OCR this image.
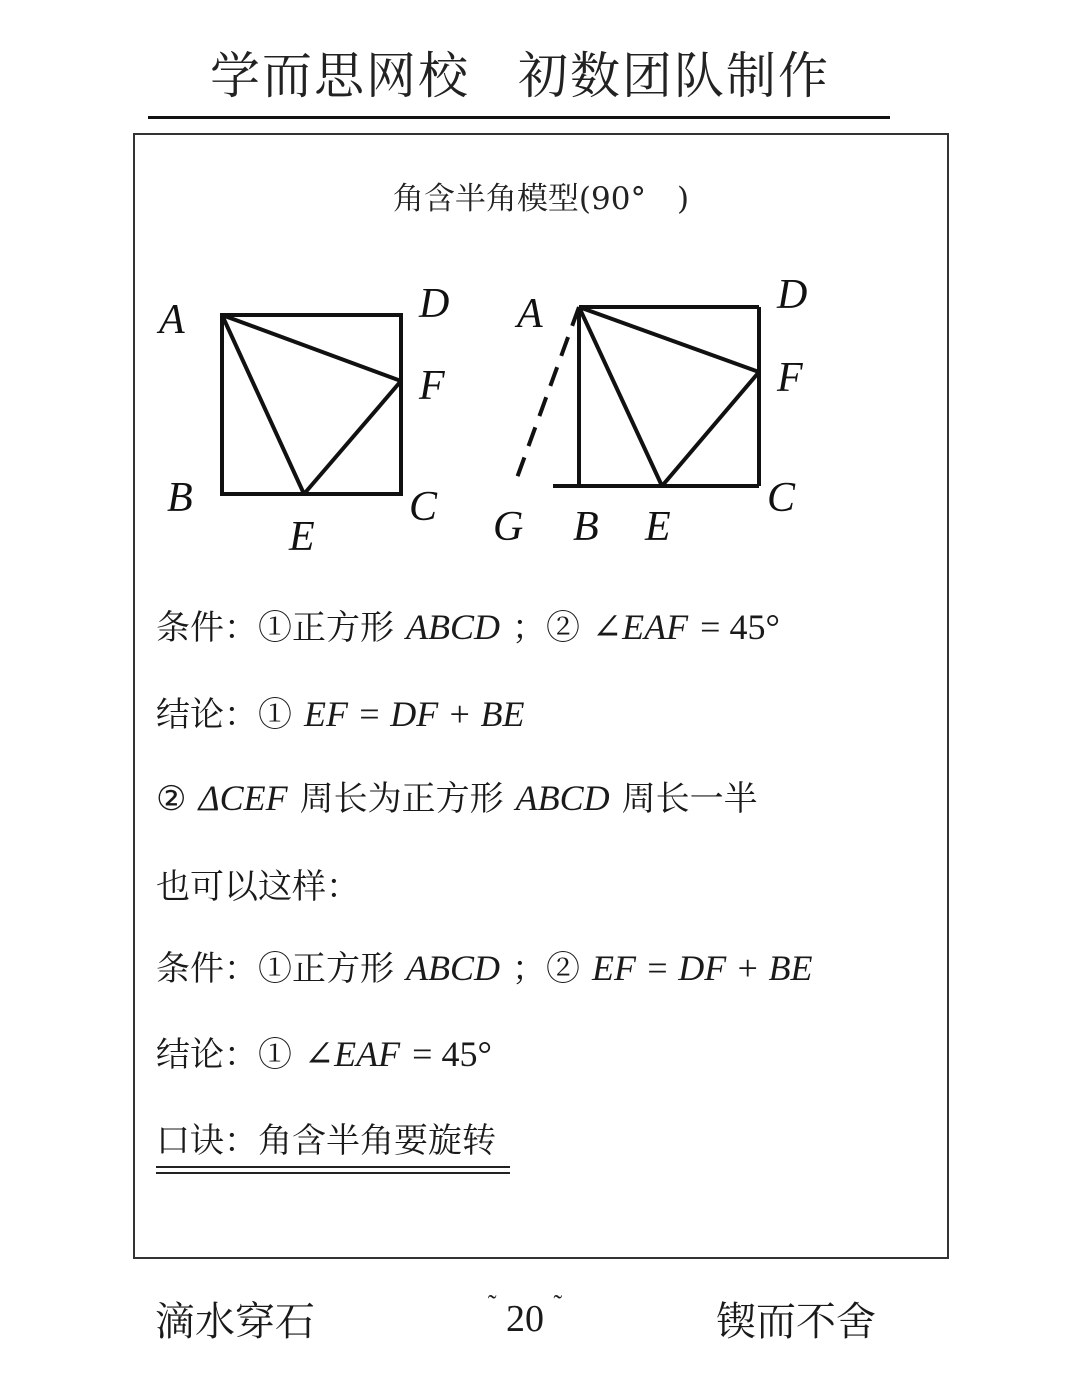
学而思网校 初数团队制作
角含半角模型(90°　)
A	D
F
B	C
E
A	D
F
G B E
C
条件：①正方形 ABCD ；② ∠EAF = 45°
结论：① EF = DF + BE
② ΔCEF 周长为正方形 ABCD 周长一半
也可以这样：
条件：①正方形 ABCD ；② EF = DF + BE
结论：① ∠EAF = 45°
口诀：角含半角要旋转
滴水穿石	˜ 20 ˜	锲而不舍
